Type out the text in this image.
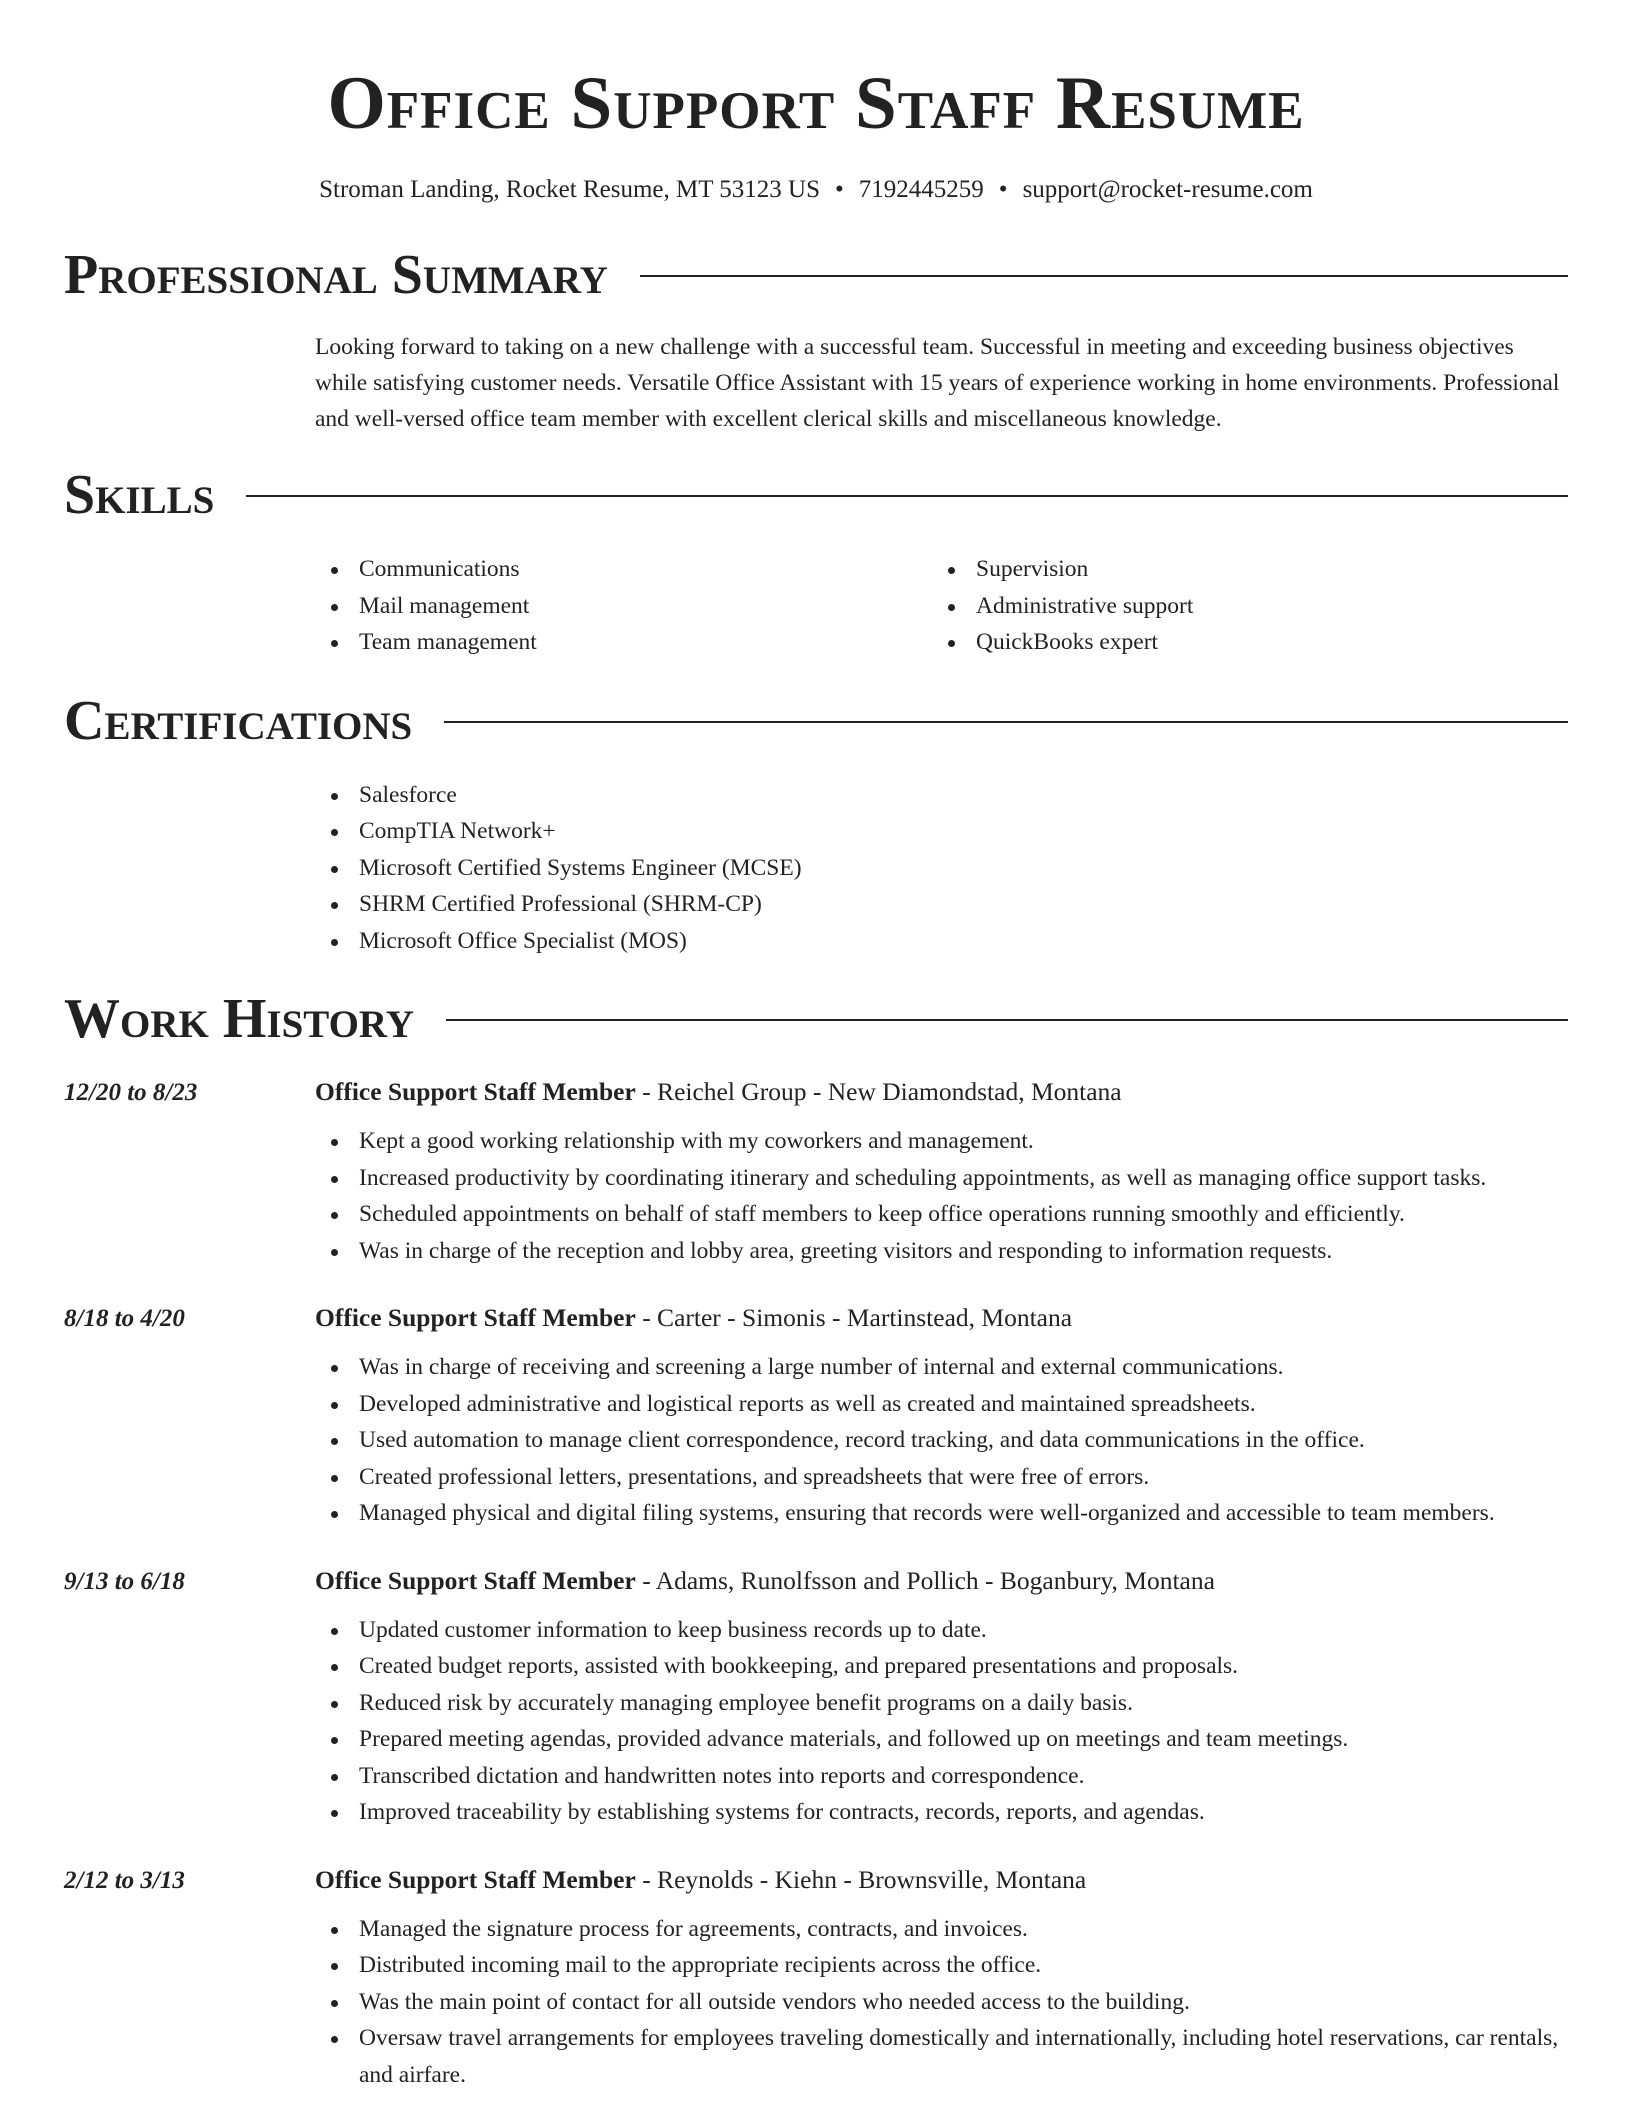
Office Support Staff Resume
Stroman Landing, Rocket Resume, MT 53123 US • 7192445259 • support@rocket-resume.com
Professional Summary

Looking forward to taking on a new challenge with a successful team. Successful in meeting and exceeding business objectives while satisfying customer needs. Versatile Office Assistant with 15 years of experience working in home environments. Professional and well-versed office team member with excellent clerical skills and miscellaneous knowledge.

Skills
Communications
Mail management
Team management
Supervision
Administrative support
QuickBooks expert
Certifications
Salesforce
CompTIA Network+
Microsoft Certified Systems Engineer (MCSE)
SHRM Certified Professional (SHRM-CP)
Microsoft Office Specialist (MOS)
Work History
12/20 to 8/23	Office Support Staff Member - Reichel Group - New Diamondstad, Montana
Kept a good working relationship with my coworkers and management.
Increased productivity by coordinating itinerary and scheduling appointments, as well as managing office support tasks.
Scheduled appointments on behalf of staff members to keep office operations running smoothly and efficiently.
Was in charge of the reception and lobby area, greeting visitors and responding to information requests.
8/18 to 4/20	Office Support Staff Member - Carter - Simonis - Martinstead, Montana
Was in charge of receiving and screening a large number of internal and external communications.
Developed administrative and logistical reports as well as created and maintained spreadsheets.
Used automation to manage client correspondence, record tracking, and data communications in the office.
Created professional letters, presentations, and spreadsheets that were free of errors.
Managed physical and digital filing systems, ensuring that records were well-organized and accessible to team members.
9/13 to 6/18	Office Support Staff Member - Adams, Runolfsson and Pollich - Boganbury, Montana
Updated customer information to keep business records up to date.
Created budget reports, assisted with bookkeeping, and prepared presentations and proposals.
Reduced risk by accurately managing employee benefit programs on a daily basis.
Prepared meeting agendas, provided advance materials, and followed up on meetings and team meetings.
Transcribed dictation and handwritten notes into reports and correspondence.
Improved traceability by establishing systems for contracts, records, reports, and agendas.
2/12 to 3/13	Office Support Staff Member - Reynolds - Kiehn - Brownsville, Montana
Managed the signature process for agreements, contracts, and invoices.
Distributed incoming mail to the appropriate recipients across the office.
Was the main point of contact for all outside vendors who needed access to the building.
Oversaw travel arrangements for employees traveling domestically and internationally, including hotel reservations, car rentals, and airfare.
